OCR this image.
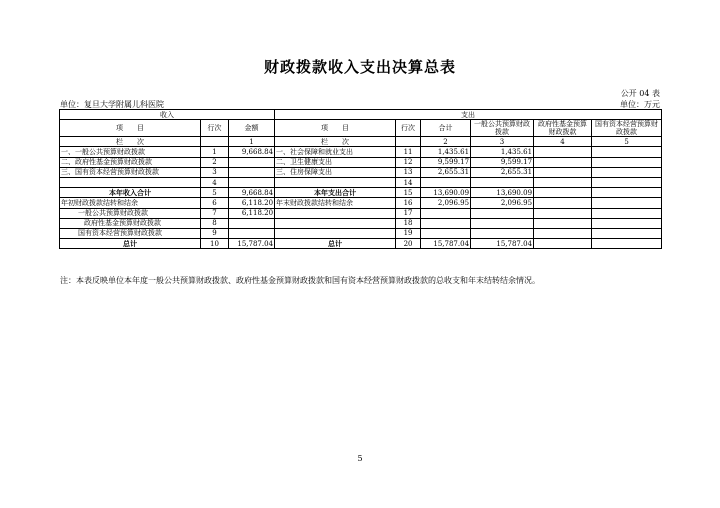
财政拨款收入支出决算总表
公开 04 表
单位：复旦大学附属儿科医院	单位：万元
收入			支出					
项　　目	行次	金额	项　　目	行次	合计	一般公共预算财政拨款	政府性基金预算财政拨款	国有资本经营预算财政拨款
栏　　次		1	栏　　次		2	3	4	5
一、一般公共预算财政拨款	1	9,668.84	一、社会保障和就业支出	11	1,435.61	1,435.61		
二、政府性基金预算财政拨款	2		二、卫生健康支出	12	9,599.17	9,599.17		
三、国有资本经营预算财政拨款	3		三、住房保障支出	13	2,655.31	2,655.31		
	4			14				
本年收入合计	5	9,668.84	本年支出合计	15	13,690.09	13,690.09		
年初财政拨款结转和结余	6	6,118.20	年末财政拨款结转和结余	16	2,096.95	2,096.95		
一般公共预算财政拨款	7	6,118.20		17				
政府性基金预算财政拨款	8			18				
国有资本经营预算财政拨款	9			19				
总计	10	15,787.04	总计	20	15,787.04	15,787.04		
注：本表反映单位本年度一般公共预算财政拨款、政府性基金预算财政拨款和国有资本经营预算财政拨款的总收支和年末结转结余情况。
5
